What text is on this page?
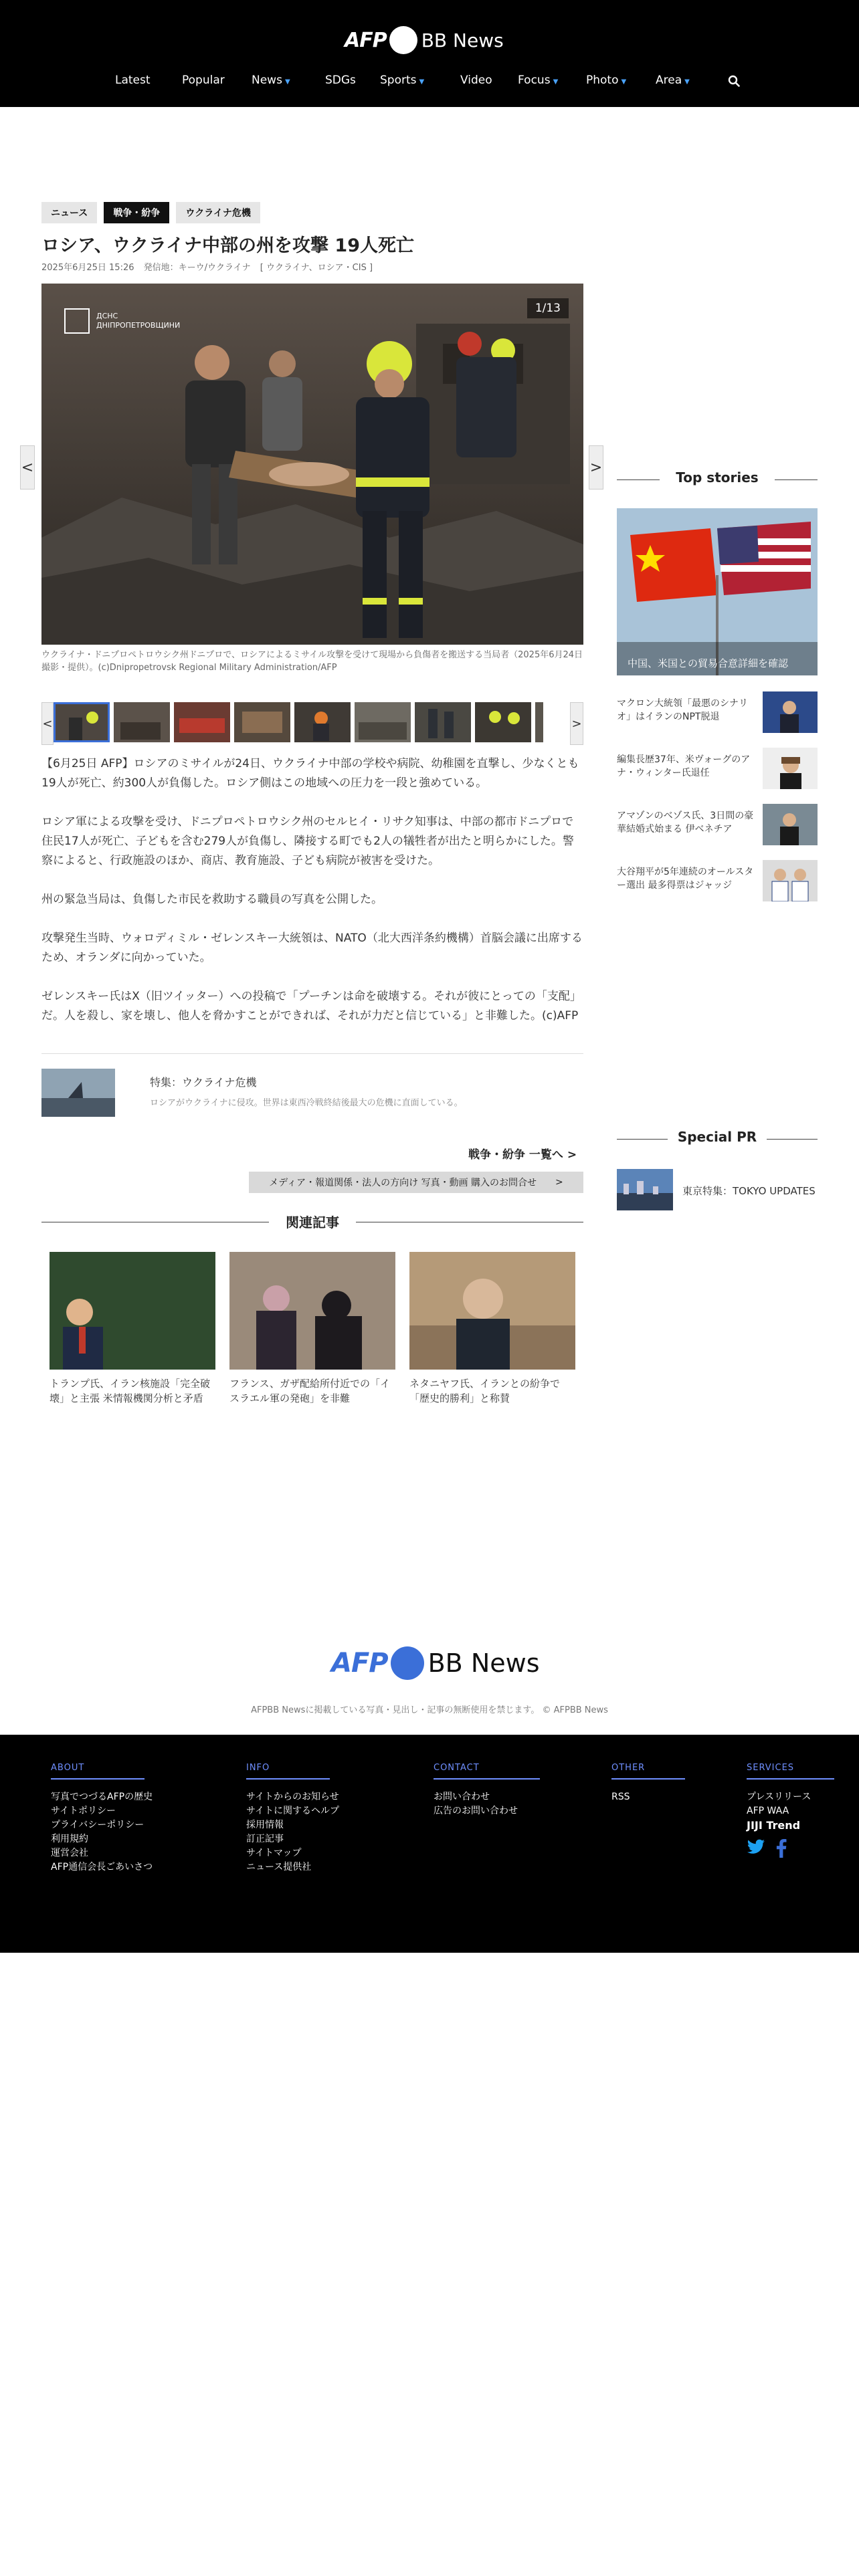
AFP BB News
Latest	Popular News ▼	SDGs Sports ▼	Video Focus ▼ Photo ▼	Area ▼
ニュース	戦争・紛争	ウクライナ危機
ロシア、ウクライナ中部の州を攻撃 19人死亡
2025年6月25日 15:26 発信地：キーウ/ウクライナ [ ウクライナ、ロシア・CIS ]
ДСНС
ДНІПРОПЕТРОВЩИНИ
1/13
<	>
ウクライナ・ドニプロペトロウシク州ドニプロで、ロシアによるミサイル攻撃を受けて現場から負傷者を搬送する当局者（2025年6月24日撮影・提供）。(c)Dnipropetrovsk Regional Military Administration/AFP
<	>

【6月25日 AFP】ロシアのミサイルが24日、ウクライナ中部の学校や病院、幼稚園を直撃し、少なくとも19人が死亡、約300人が負傷した。ロシア側はこの地域への圧力を一段と強めている。

ロシア軍による攻撃を受け、ドニプロペトロウシク州のセルヒイ・リサク知事は、中部の都市ドニプロで住民17人が死亡、子どもを含む279人が負傷し、隣接する町でも2人の犠牲者が出たと明らかにした。警察によると、行政施設のほか、商店、教育施設、子ども病院が被害を受けた。

州の緊急当局は、負傷した市民を救助する職員の写真を公開した。

攻撃発生当時、ウォロディミル・ゼレンスキー大統領は、NATO（北大西洋条約機構）首脳会議に出席するため、オランダに向かっていた。

ゼレンスキー氏はX（旧ツイッター）への投稿で「プーチンは命を破壊する。それが彼にとっての「支配」だ。人を殺し、家を壊し、他人を脅かすことができれば、それが力だと信じている」と非難した。(c)AFP

特集：ウクライナ危機
ロシアがウクライナに侵攻。世界は東西冷戦終結後最大の危機に直面している。
戦争・紛争 一覧へ >
メディア・報道関係・法人の方向け 写真・動画 購入のお問合せ >
関連記事
トランプ氏、イラン核施設「完全破壊」と主張 米情報機関分析と矛盾
フランス、ガザ配給所付近での「イスラエル軍の発砲」を非難
ネタニヤフ氏、イランとの紛争で「歴史的勝利」と称賛
Top stories
中国、米国との貿易合意詳細を確認
マクロン大統領「最悪のシナリオ」はイランのNPT脱退
編集長歴37年、米ヴォーグのアナ・ウィンター氏退任
アマゾンのベゾス氏、3日間の豪華結婚式始まる 伊ベネチア
大谷翔平が5年連続のオールスター選出 最多得票はジャッジ
Special PR
東京特集：TOKYO UPDATES
AFP BB News
AFPBB Newsに掲載している写真・見出し・記事の無断使用を禁じます。 © AFPBB News
ABOUT
写真でつづるAFPの歴史
サイトポリシー
プライバシーポリシー
利用規約
運営会社
AFP通信会長ごあいさつ
INFO
サイトからのお知らせ
サイトに関するヘルプ
採用情報
訂正記事
サイトマップ
ニュース提供社
CONTACT
お問い合わせ
広告のお問い合わせ
OTHER
RSS
SERVICES
プレスリリース
AFP WAA
JIJI Trend
